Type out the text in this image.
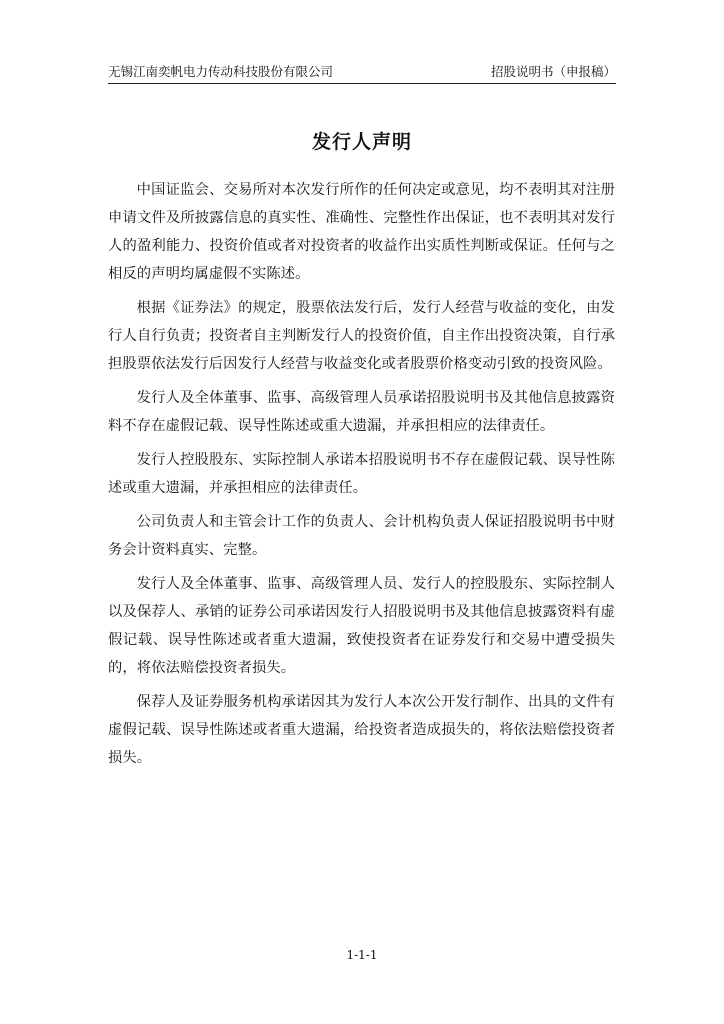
无锡江南奕帆电力传动科技股份有限公司	招股说明书（申报稿）
发行人声明

中国证监会、交易所对本次发行所作的任何决定或意见，均不表明其对注册申请文件及所披露信息的真实性、准确性、完整性作出保证，也不表明其对发行人的盈利能力、投资价值或者对投资者的收益作出实质性判断或保证。任何与之相反的声明均属虚假不实陈述。

根据《证券法》的规定，股票依法发行后，发行人经营与收益的变化，由发行人自行负责；投资者自主判断发行人的投资价值，自主作出投资决策，自行承担股票依法发行后因发行人经营与收益变化或者股票价格变动引致的投资风险。

发行人及全体董事、监事、高级管理人员承诺招股说明书及其他信息披露资料不存在虚假记载、误导性陈述或重大遗漏，并承担相应的法律责任。

发行人控股股东、实际控制人承诺本招股说明书不存在虚假记载、误导性陈述或重大遗漏，并承担相应的法律责任。

公司负责人和主管会计工作的负责人、会计机构负责人保证招股说明书中财务会计资料真实、完整。

发行人及全体董事、监事、高级管理人员、发行人的控股股东、实际控制人以及保荐人、承销的证券公司承诺因发行人招股说明书及其他信息披露资料有虚假记载、误导性陈述或者重大遗漏，致使投资者在证券发行和交易中遭受损失的，将依法赔偿投资者损失。

保荐人及证券服务机构承诺因其为发行人本次公开发行制作、出具的文件有虚假记载、误导性陈述或者重大遗漏，给投资者造成损失的，将依法赔偿投资者损失。

1-1-1
